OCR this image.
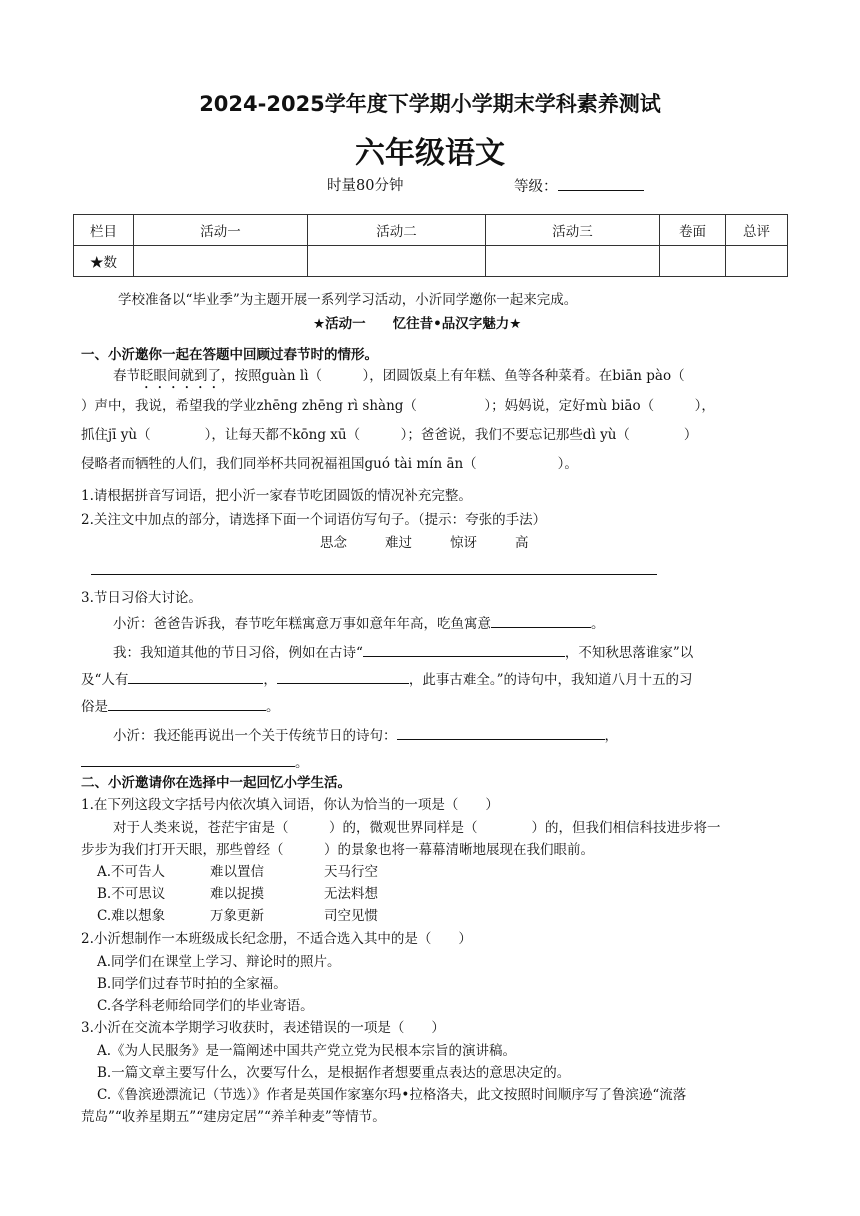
2024-2025学年度下学期小学期末学科素养测试
六年级语文
时量80分钟	等级：
栏目	活动一	活动二	活动三	卷面	总评
★数					
学校准备以“毕业季”为主题开展一系列学习活动，小沂同学邀你一起来完成。
★活动一　　忆往昔•品汉字魅力★
一、小沂邀你一起在答题中回顾过春节时的情形。
春节眨眼间就到了，按照guàn lì（　　　），团圆饭桌上有年糕、鱼等各种菜肴。在biān pào（
）声中，我说，希望我的学业zhēng zhēng rì shàng（　　　　　）；妈妈说，定好mù biāo（　　　），
抓住jī yù（　　　　），让每天都不kōng xū（　　　）；爸爸说，我们不要忘记那些dì yù（　　　　）
侵略者而牺牲的人们，我们同举杯共同祝福祖国guó tài mín ān（　　　　　　）。
1.请根据拼音写词语，把小沂一家春节吃团圆饭的情况补充完整。
2.关注文中加点的部分，请选择下面一个词语仿写句子。（提示：夸张的手法）
思念	难过	惊讶	高
3.节日习俗大讨论。
小沂：爸爸告诉我，春节吃年糕寓意万事如意年年高，吃鱼寓意	。
我：我知道其他的节日习俗，例如在古诗“	，不知秋思落谁家”以
及“人有	，	，此事古难全。”的诗句中，我知道八月十五的习
俗是	。
小沂：我还能再说出一个关于传统节日的诗句：	，
。
二、小沂邀请你在选择中一起回忆小学生活。
1.在下列这段文字括号内依次填入词语，你认为恰当的一项是（　　）
对于人类来说，苍茫宇宙是（　　　）的，微观世界同样是（　　　　）的，但我们相信科技进步将一
步步为我们打开天眼，那些曾经（　　　）的景象也将一幕幕清晰地展现在我们眼前。
A.不可告人	难以置信	天马行空
B.不可思议	难以捉摸	无法料想
C.难以想象	万象更新	司空见惯
2.小沂想制作一本班级成长纪念册，不适合选入其中的是（　　）
A.同学们在课堂上学习、辩论时的照片。
B.同学们过春节时拍的全家福。
C.各学科老师给同学们的毕业寄语。
3.小沂在交流本学期学习收获时，表述错误的一项是（　　）
A.《为人民服务》是一篇阐述中国共产党立党为民根本宗旨的演讲稿。
B.一篇文章主要写什么，次要写什么，是根据作者想要重点表达的意思决定的。
C.《鲁滨逊漂流记（节选）》作者是英国作家塞尔玛•拉格洛夫，此文按照时间顺序写了鲁滨逊“流落
荒岛”“收养星期五”“建房定居”“养羊种麦”等情节。
